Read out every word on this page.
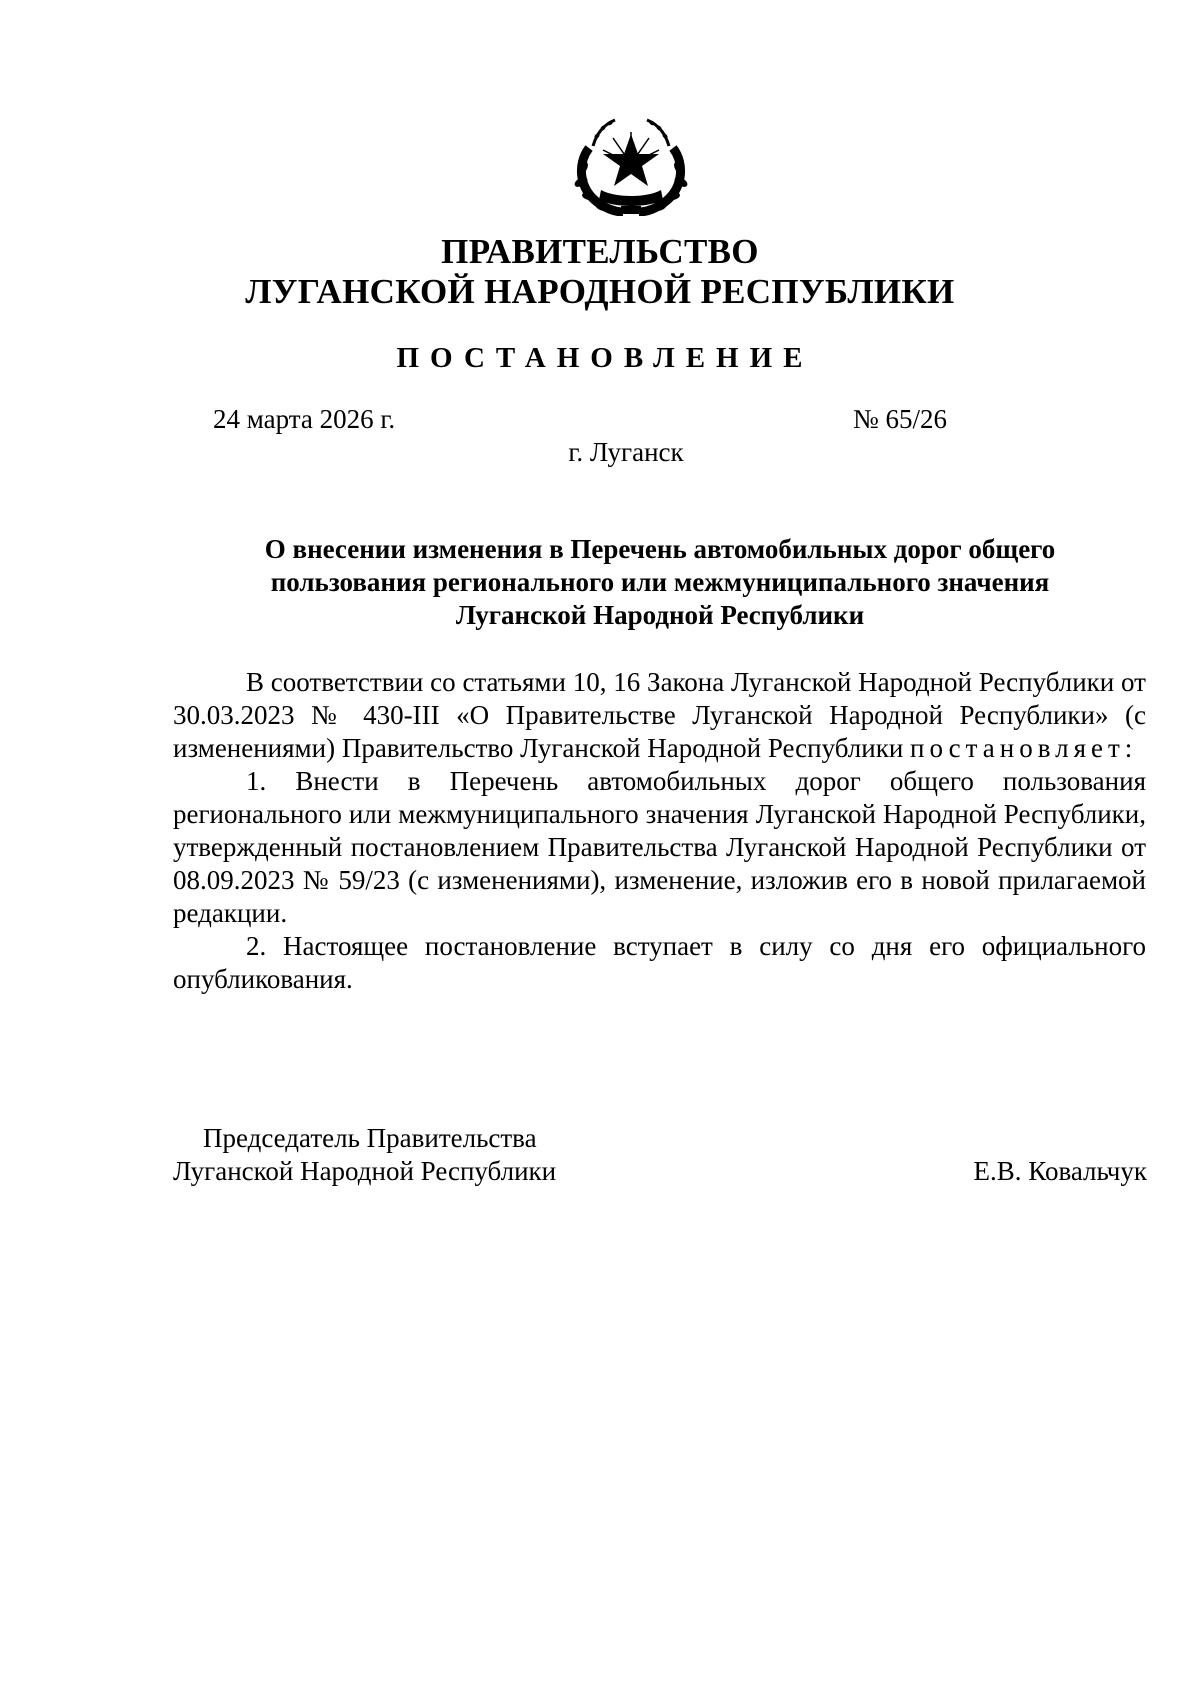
ПРАВИТЕЛЬСТВО
ЛУГАНСКОЙ НАРОДНОЙ РЕСПУБЛИКИ
ПОСТАНОВЛЕНИЕ
24 марта 2026 г.	№ 65/26
г. Луганск
О внесении изменения в Перечень автомобильных дорог общего
пользования регионального или межмуниципального значения
Луганской Народной Республики

В соответствии со статьями 10, 16 Закона Луганской Народной Республики от 30.03.2023 № 430-III «О Правительстве Луганской Народной Республики» (с изменениями) Правительство Луганской Народной Республики постановляет:

1. Внести в Перечень автомобильных дорог общего пользования регионального или межмуниципального значения Луганской Народной Республики, утвержденный постановлением Правительства Луганской Народной Республики от 08.09.2023 № 59/23 (с изменениями), изменение, изложив его в новой прилагаемой редакции.

2. Настоящее постановление вступает в силу со дня его официального опубликования.

Председатель Правительства
Луганской Народной Республики	Е.В. Ковальчук
